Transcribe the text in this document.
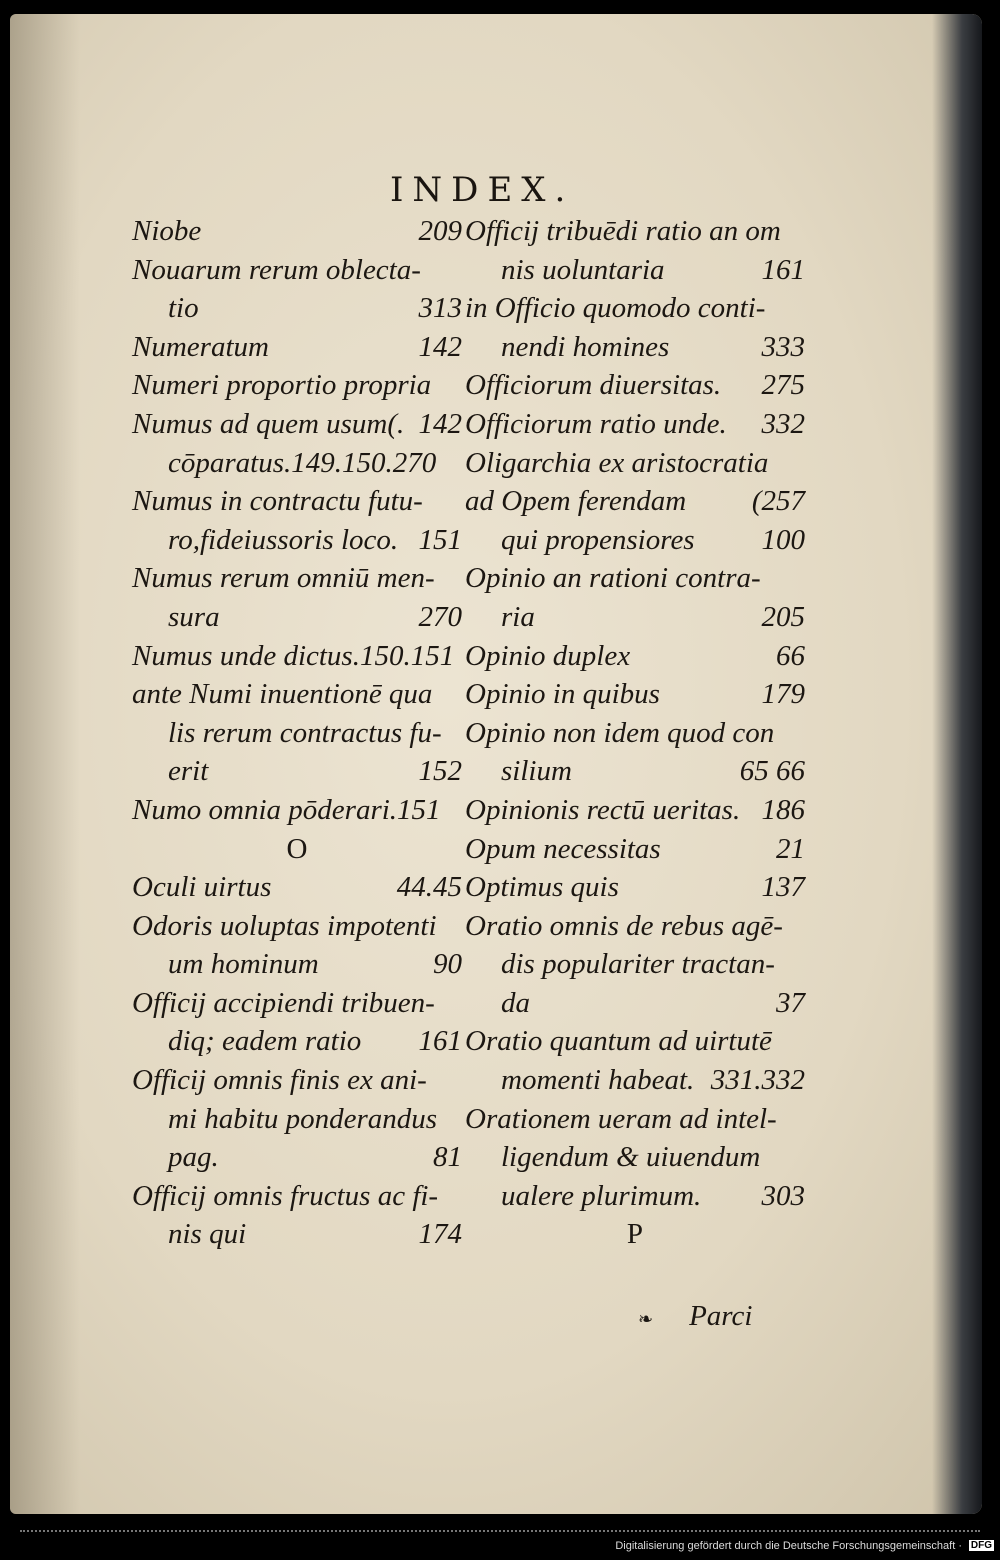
INDEX.
Niobe	209
Nouarum rerum oblecta-
tio	313
Numeratum	142
Numeri proportio propria
Numus ad quem usum(. 142
cōparatus.149.150.270
Numus in contractu futu-
ro,fideiussoris loco. 151
Numus rerum omniū men-
sura	270
Numus unde dictus.150.151
ante Numi inuentionē qua
lis rerum contractus fu-
erit	152
Numo omnia pōderari.151
O
Oculi uirtus	44.45
Odoris uoluptas impotenti
um hominum	90
Officij accipiendi tribuen-
diq; eadem ratio	161
Officij omnis finis ex ani-
mi habitu ponderandus
pag.	81
Officij omnis fructus ac fi-
nis qui	174
Officij tribuēdi ratio an om
nis uoluntaria	161
in Officio quomodo conti-
nendi homines	333
Officiorum diuersitas.	275
Officiorum ratio unde.	332
Oligarchia ex aristocratia
ad Opem ferendam	(257
qui propensiores	100
Opinio an rationi contra-
ria	205
Opinio duplex	66
Opinio in quibus	179
Opinio non idem quod con
silium	65 66
Opinionis rectū ueritas. 186
Opum necessitas	21
Optimus quis	137
Oratio omnis de rebus agē-
dis populariter tractan-
da	37
Oratio quantum ad uirtutē
momenti habeat. 331.332
Orationem ueram ad intel-
ligendum & uiuendum
ualere plurimum.	303
P
❧ Parci
Digitalisierung gefördert durch die Deutsche Forschungsgemeinschaft · DFG
